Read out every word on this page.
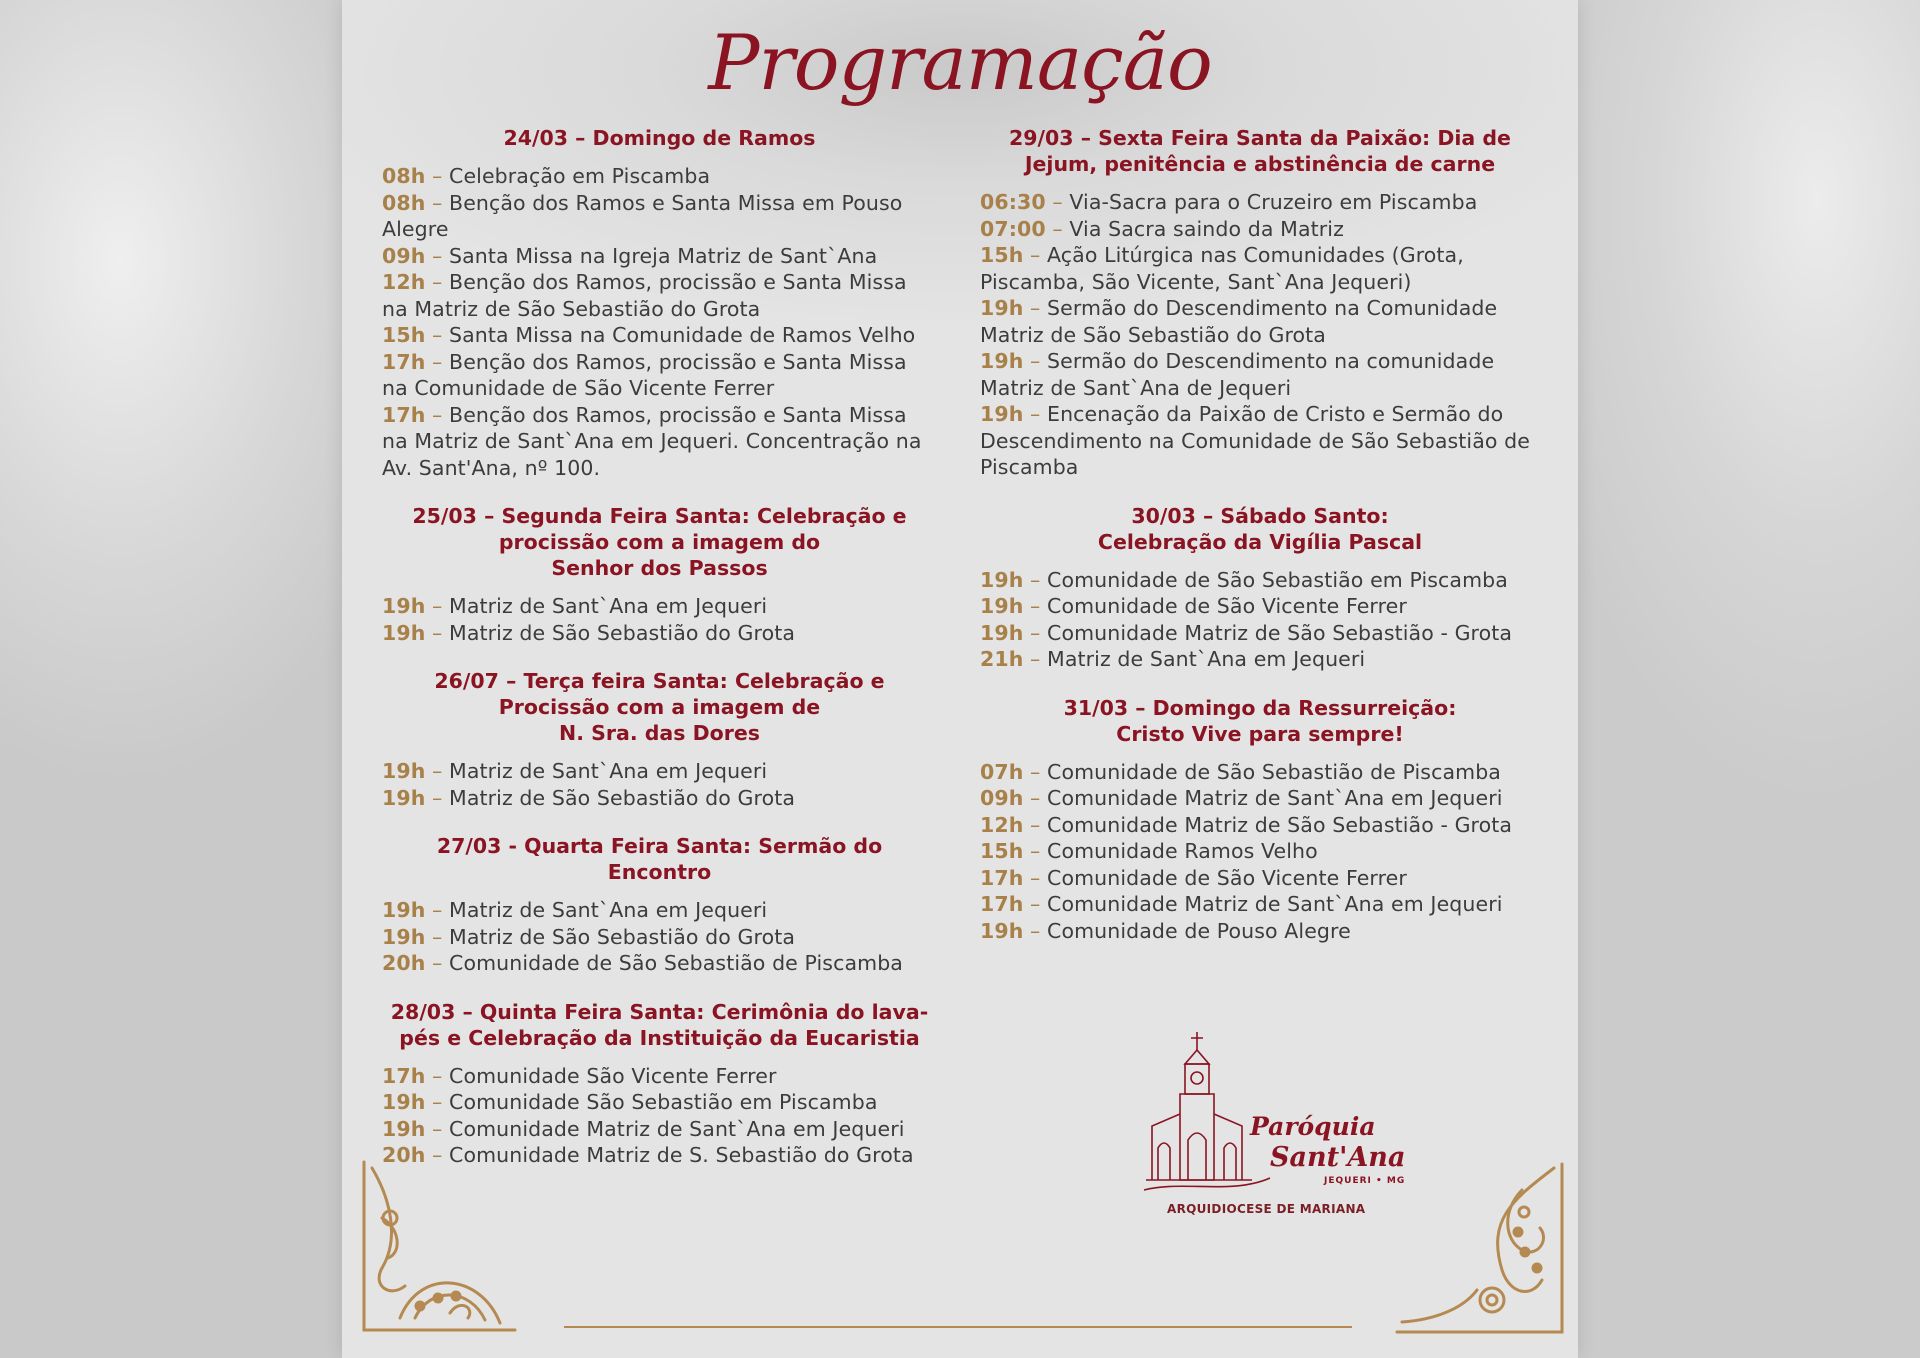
Programação
24/03 – Domingo de Ramos
08h – Celebração em Piscamba
08h – Benção dos Ramos e Santa Missa em Pouso Alegre
09h – Santa Missa na Igreja Matriz de Sant`Ana
12h – Benção dos Ramos, procissão e Santa Missa na Matriz de São Sebastião do Grota
15h – Santa Missa na Comunidade de Ramos Velho
17h – Benção dos Ramos, procissão e Santa Missa na Comunidade de São Vicente Ferrer
17h – Benção dos Ramos, procissão e Santa Missa na Matriz de Sant`Ana em Jequeri. Concentração na Av. Sant'Ana, nº 100.
25/03 – Segunda Feira Santa: Celebração e
procissão com a imagem do
Senhor dos Passos
19h – Matriz de Sant`Ana em Jequeri
19h – Matriz de São Sebastião do Grota
26/07 – Terça feira Santa: Celebração e
Procissão com a imagem de
N. Sra. das Dores
19h – Matriz de Sant`Ana em Jequeri
19h – Matriz de São Sebastião do Grota
27/03 - Quarta Feira Santa: Sermão do Encontro
19h – Matriz de Sant`Ana em Jequeri
19h – Matriz de São Sebastião do Grota
20h – Comunidade de São Sebastião de Piscamba
28/03 – Quinta Feira Santa: Cerimônia do lava-
pés e Celebração da Instituição da Eucaristia
17h – Comunidade São Vicente Ferrer
19h – Comunidade São Sebastião em Piscamba
19h – Comunidade Matriz de Sant`Ana em Jequeri
20h – Comunidade Matriz de S. Sebastião do Grota
29/03 – Sexta Feira Santa da Paixão: Dia de
Jejum, penitência e abstinência de carne
06:30 – Via-Sacra para o Cruzeiro em Piscamba
07:00 – Via Sacra saindo da Matriz
15h – Ação Litúrgica nas Comunidades (Grota, Piscamba, São Vicente, Sant`Ana Jequeri)
19h – Sermão do Descendimento na Comunidade Matriz de São Sebastião do Grota
19h – Sermão do Descendimento na comunidade Matriz de Sant`Ana de Jequeri
19h – Encenação da Paixão de Cristo e Sermão do Descendimento na Comunidade de São Sebastião de Piscamba
30/03 – Sábado Santo:
Celebração da Vigília Pascal
19h – Comunidade de São Sebastião em Piscamba
19h – Comunidade de São Vicente Ferrer
19h – Comunidade Matriz de São Sebastião - Grota
21h – Matriz de Sant`Ana em Jequeri
31/03 – Domingo da Ressurreição:
Cristo Vive para sempre!
07h – Comunidade de São Sebastião de Piscamba
09h – Comunidade Matriz de Sant`Ana em Jequeri
12h – Comunidade Matriz de São Sebastião - Grota
15h – Comunidade Ramos Velho
17h – Comunidade de São Vicente Ferrer
17h – Comunidade Matriz de Sant`Ana em Jequeri
19h – Comunidade de Pouso Alegre
Paróquia
Sant'Ana
JEQUERI • MG
ARQUIDIOCESE DE MARIANA
